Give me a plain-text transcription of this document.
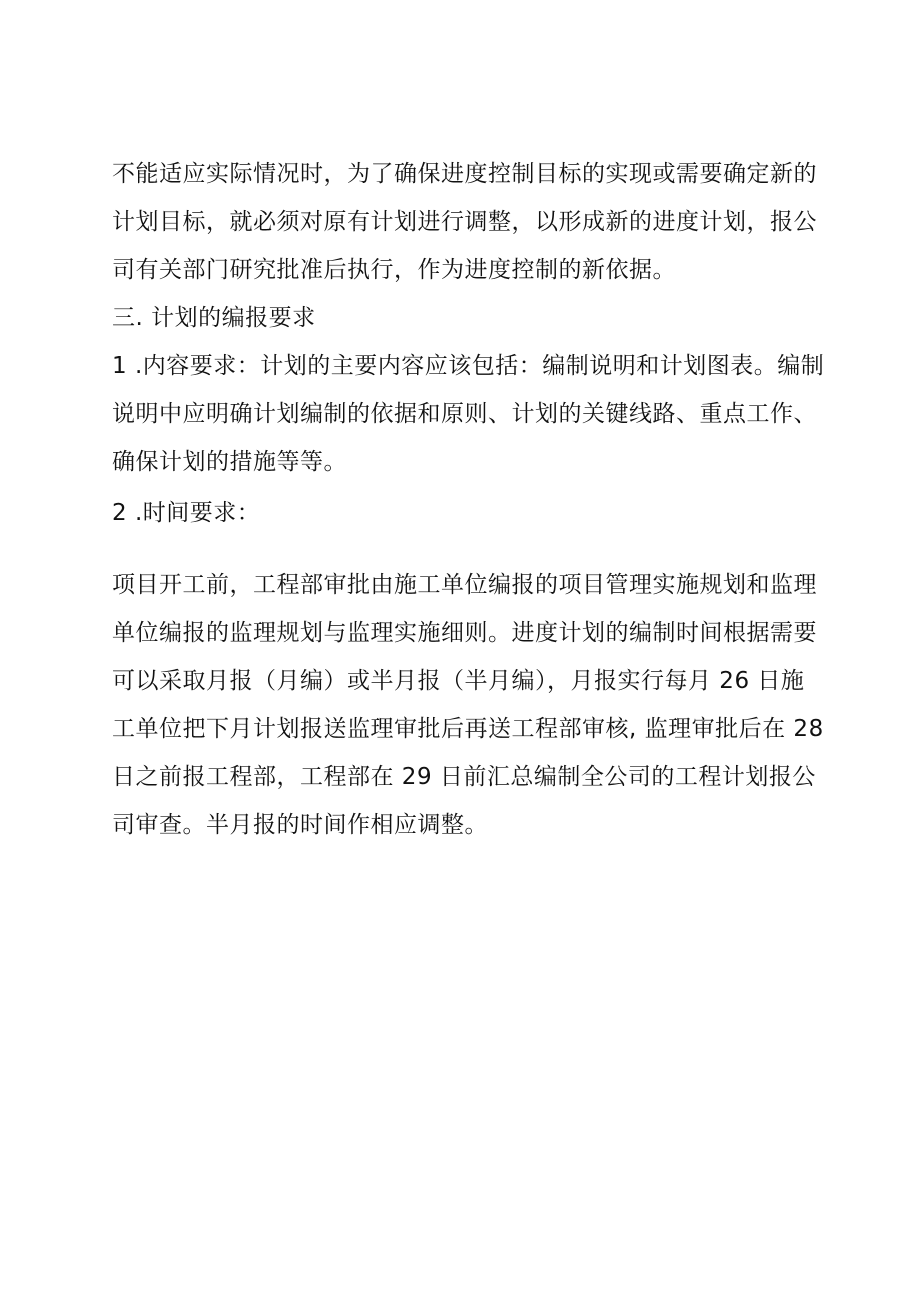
不能适应实际情况时，为了确保进度控制目标的实现或需要确定新的
计划目标，就必须对原有计划进行调整，以形成新的进度计划，报公
司有关部门研究批准后执行，作为进度控制的新依据。
三. 计划的编报要求
1 .内容要求：计划的主要内容应该包括：编制说明和计划图表。编制
说明中应明确计划编制的依据和原则、计划的关键线路、重点工作、
确保计划的措施等等。
2 .时间要求：
项目开工前，工程部审批由施工单位编报的项目管理实施规划和监理
单位编报的监理规划与监理实施细则。进度计划的编制时间根据需要
可以采取月报（月编）或半月报（半月编），月报实行每月 26 日施
工单位把下月计划报送监理审批后再送工程部审核, 监理审批后在 28
日之前报工程部，工程部在 29 日前汇总编制全公司的工程计划报公
司审查。半月报的时间作相应调整。
